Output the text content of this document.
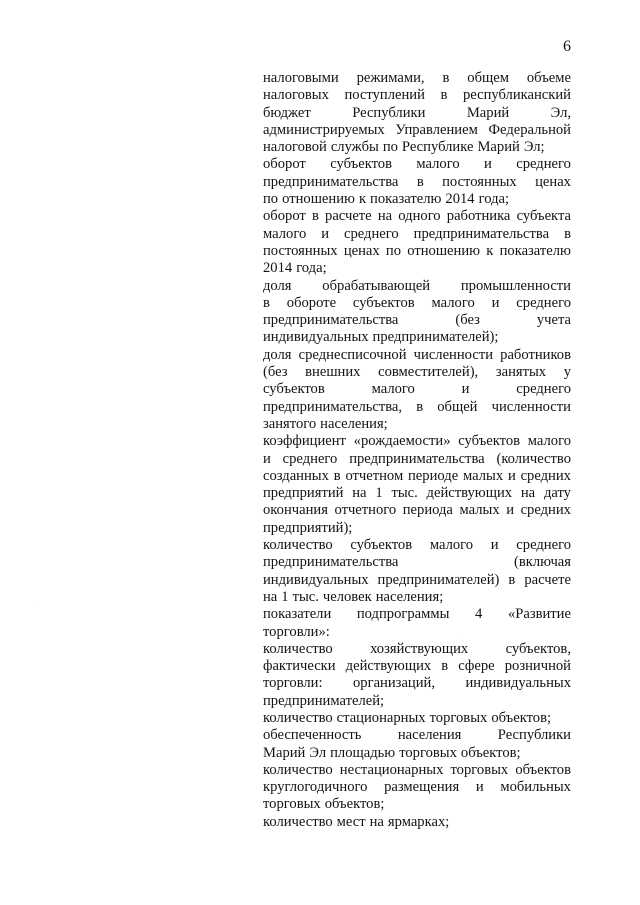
6
налоговыми режимами, в общем объеме
налоговых поступлений в республиканский
бюджет	Республики	Марий	Эл,
администрируемых Управлением Федеральной
налоговой службы по Республике Марий Эл;
оборот субъектов малого и среднего
предпринимательства в постоянных ценах
по отношению к показателю 2014 года;
оборот в расчете на одного работника субъекта
малого и среднего предпринимательства в
постоянных ценах по отношению к показателю
2014 года;
доля обрабатывающей промышленности
в обороте субъектов малого и среднего
предпринимательства	(без	учета
индивидуальных предпринимателей);
доля среднесписочной численности работников
(без внешних совместителей), занятых у
субъектов	малого	и	среднего
предпринимательства, в общей численности
занятого населения;
коэффициент «рождаемости» субъектов малого
и среднего предпринимательства (количество
созданных в отчетном периоде малых и средних
предприятий на 1 тыс. действующих на дату
окончания отчетного периода малых и средних
предприятий);
количество субъектов малого и среднего
предпринимательства	(включая
индивидуальных предпринимателей) в расчете
на 1 тыс. человек населения;
показатели подпрограммы 4 «Развитие
торговли»:
количество	хозяйствующих	субъектов,
фактически действующих в сфере розничной
торговли: организаций, индивидуальных
предпринимателей;
количество стационарных торговых объектов;
обеспеченность населения Республики
Марий Эл площадью торговых объектов;
количество нестационарных торговых объектов
круглогодичного размещения и мобильных
торговых объектов;
количество мест на ярмарках;
.
·
